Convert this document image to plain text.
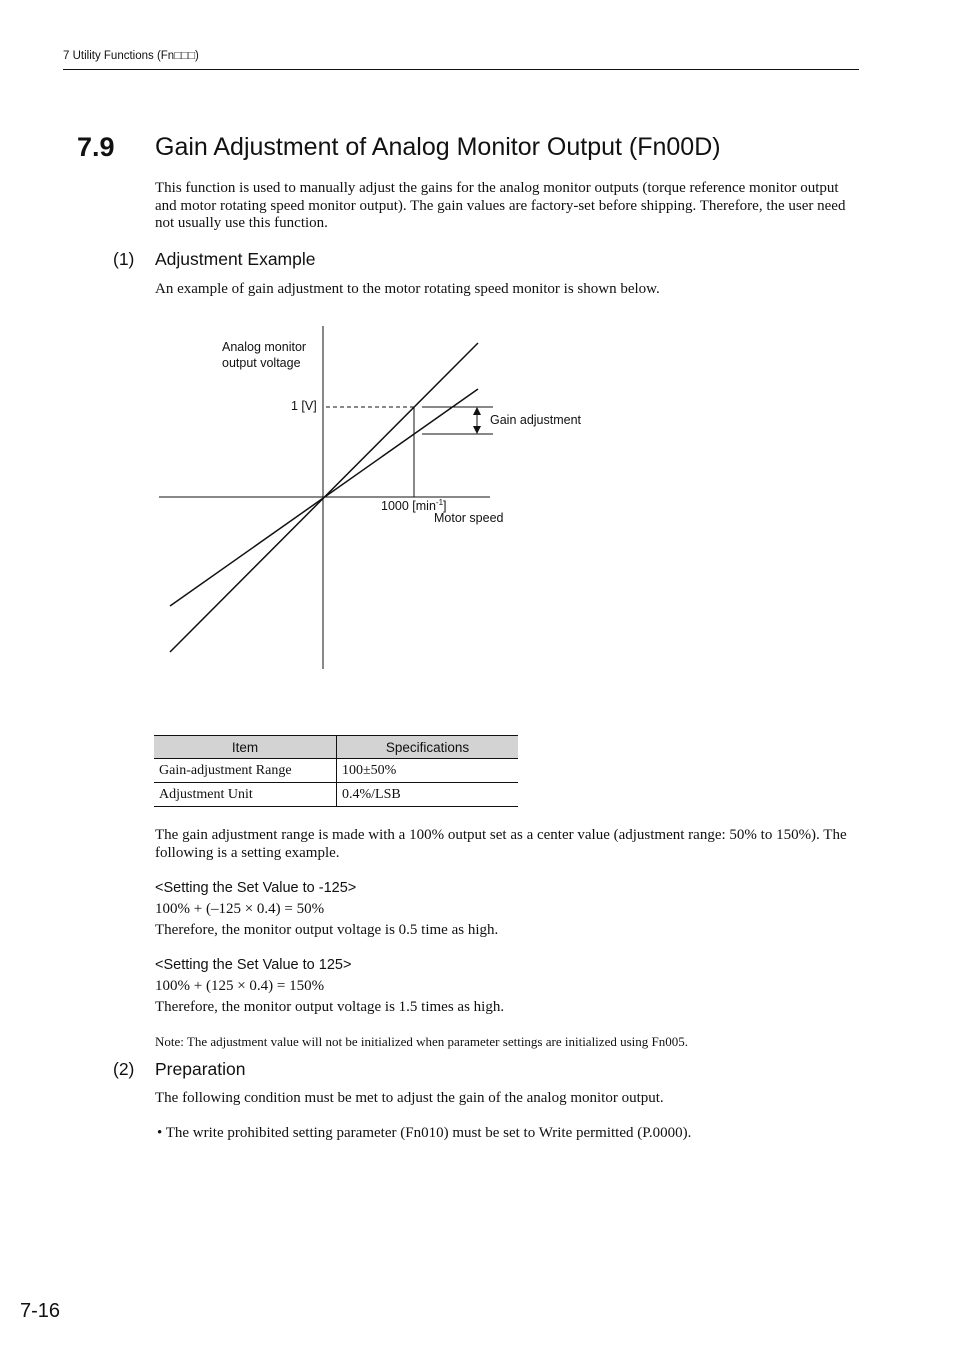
7 Utility Functions (Fn□□□)
7.9 Gain Adjustment of Analog Monitor Output (Fn00D)
This function is used to manually adjust the gains for the analog monitor outputs (torque reference monitor output and motor rotating speed monitor output). The gain values are factory-set before shipping. Therefore, the user need not usually use this function.
(1) Adjustment Example
An example of gain adjustment to the motor rotating speed monitor is shown below.
Analog monitor
output voltage
1 [V]
Gain adjustment
1000 $[\min^{-1}]$
Motor speed
Item	Specifications
Gain-adjustment Range	100±50%
Adjustment Unit	0.4%/LSB
The gain adjustment range is made with a 100% output set as a center value (adjustment range: 50% to 150%). The following is a setting example.
<Setting the Set Value to -125>
100% + (–125 × 0.4) = 50%
Therefore, the monitor output voltage is 0.5 time as high.
<Setting the Set Value to 125>
100% + (125 × 0.4) = 150%
Therefore, the monitor output voltage is 1.5 times as high.
Note: The adjustment value will not be initialized when parameter settings are initialized using Fn005.
(2) Preparation
The following condition must be met to adjust the gain of the analog monitor output.
• The write prohibited setting parameter (Fn010) must be set to Write permitted (P.0000).
7-16
